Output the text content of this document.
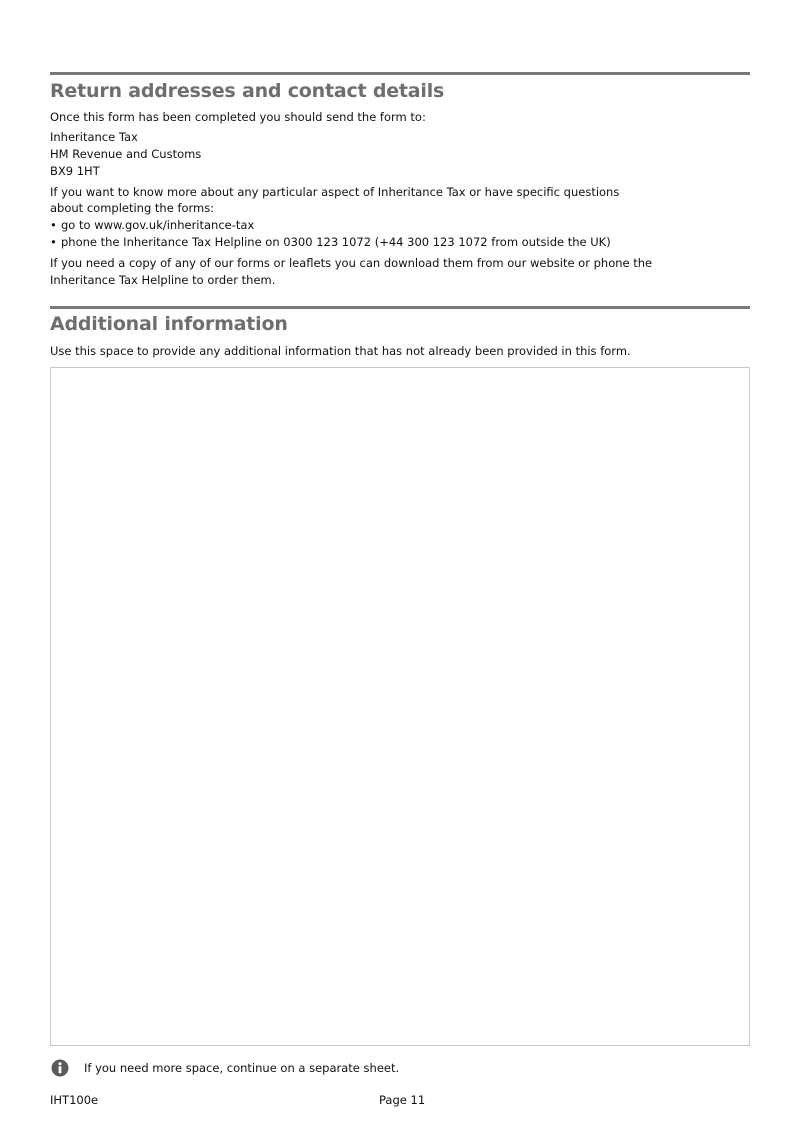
Return addresses and contact details

Once this form has been completed you should send the form to:

Inheritance Tax

HM Revenue and Customs

BX9 1HT

If you want to know more about any particular aspect of Inheritance Tax or have specific questions

about completing the forms:

• go to www.gov.uk/inheritance-tax
• phone the Inheritance Tax Helpline on 0300 123 1072 (+44 300 123 1072 from outside the UK)

If you need a copy of any of our forms or leaflets you can download them from our website or phone the

Inheritance Tax Helpline to order them.

Additional information

Use this space to provide any additional information that has not already been provided in this form.

If you need more space, continue on a separate sheet.
IHT100e	Page 11
